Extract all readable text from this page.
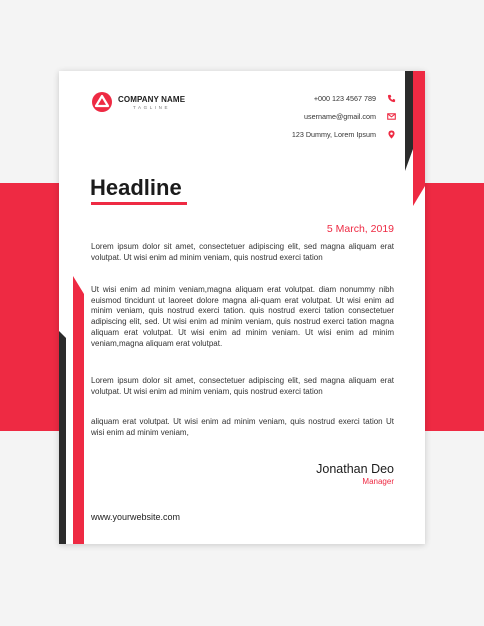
COMPANY NAME
TAGLINE
+000 123 4567 789
username@gmail.com
123 Dummy, Lorem Ipsum
Headline
5 March, 2019

Lorem ipsum dolor sit amet, consectetuer adipiscing elit, sed magna aliquam erat volutpat. Ut wisi enim ad minim veniam, quis nostrud exerci tation

Ut wisi enim ad minim veniam,magna aliquam erat volutpat. diam nonummy nibh euismod tincidunt ut laoreet dolore magna ali-quam erat volutpat. Ut wisi enim ad minim veniam, quis nostrud exerci tation. quis nostrud exerci tation consectetuer adipiscing elit, sed. Ut wisi enim ad minim veniam, quis nostrud exerci tation magna aliquam erat volutpat. Ut wisi enim ad minim veniam. Ut wisi enim ad minim veniam,magna aliquam erat volutpat.

Lorem ipsum dolor sit amet, consectetuer adipiscing elit, sed magna aliquam erat volutpat. Ut wisi enim ad minim veniam, quis nostrud exerci tation

aliquam erat volutpat. Ut wisi enim ad minim veniam, quis nostrud exerci tation Ut wisi enim ad minim veniam,

Jonathan Deo
Manager
www.yourwebsite.com
